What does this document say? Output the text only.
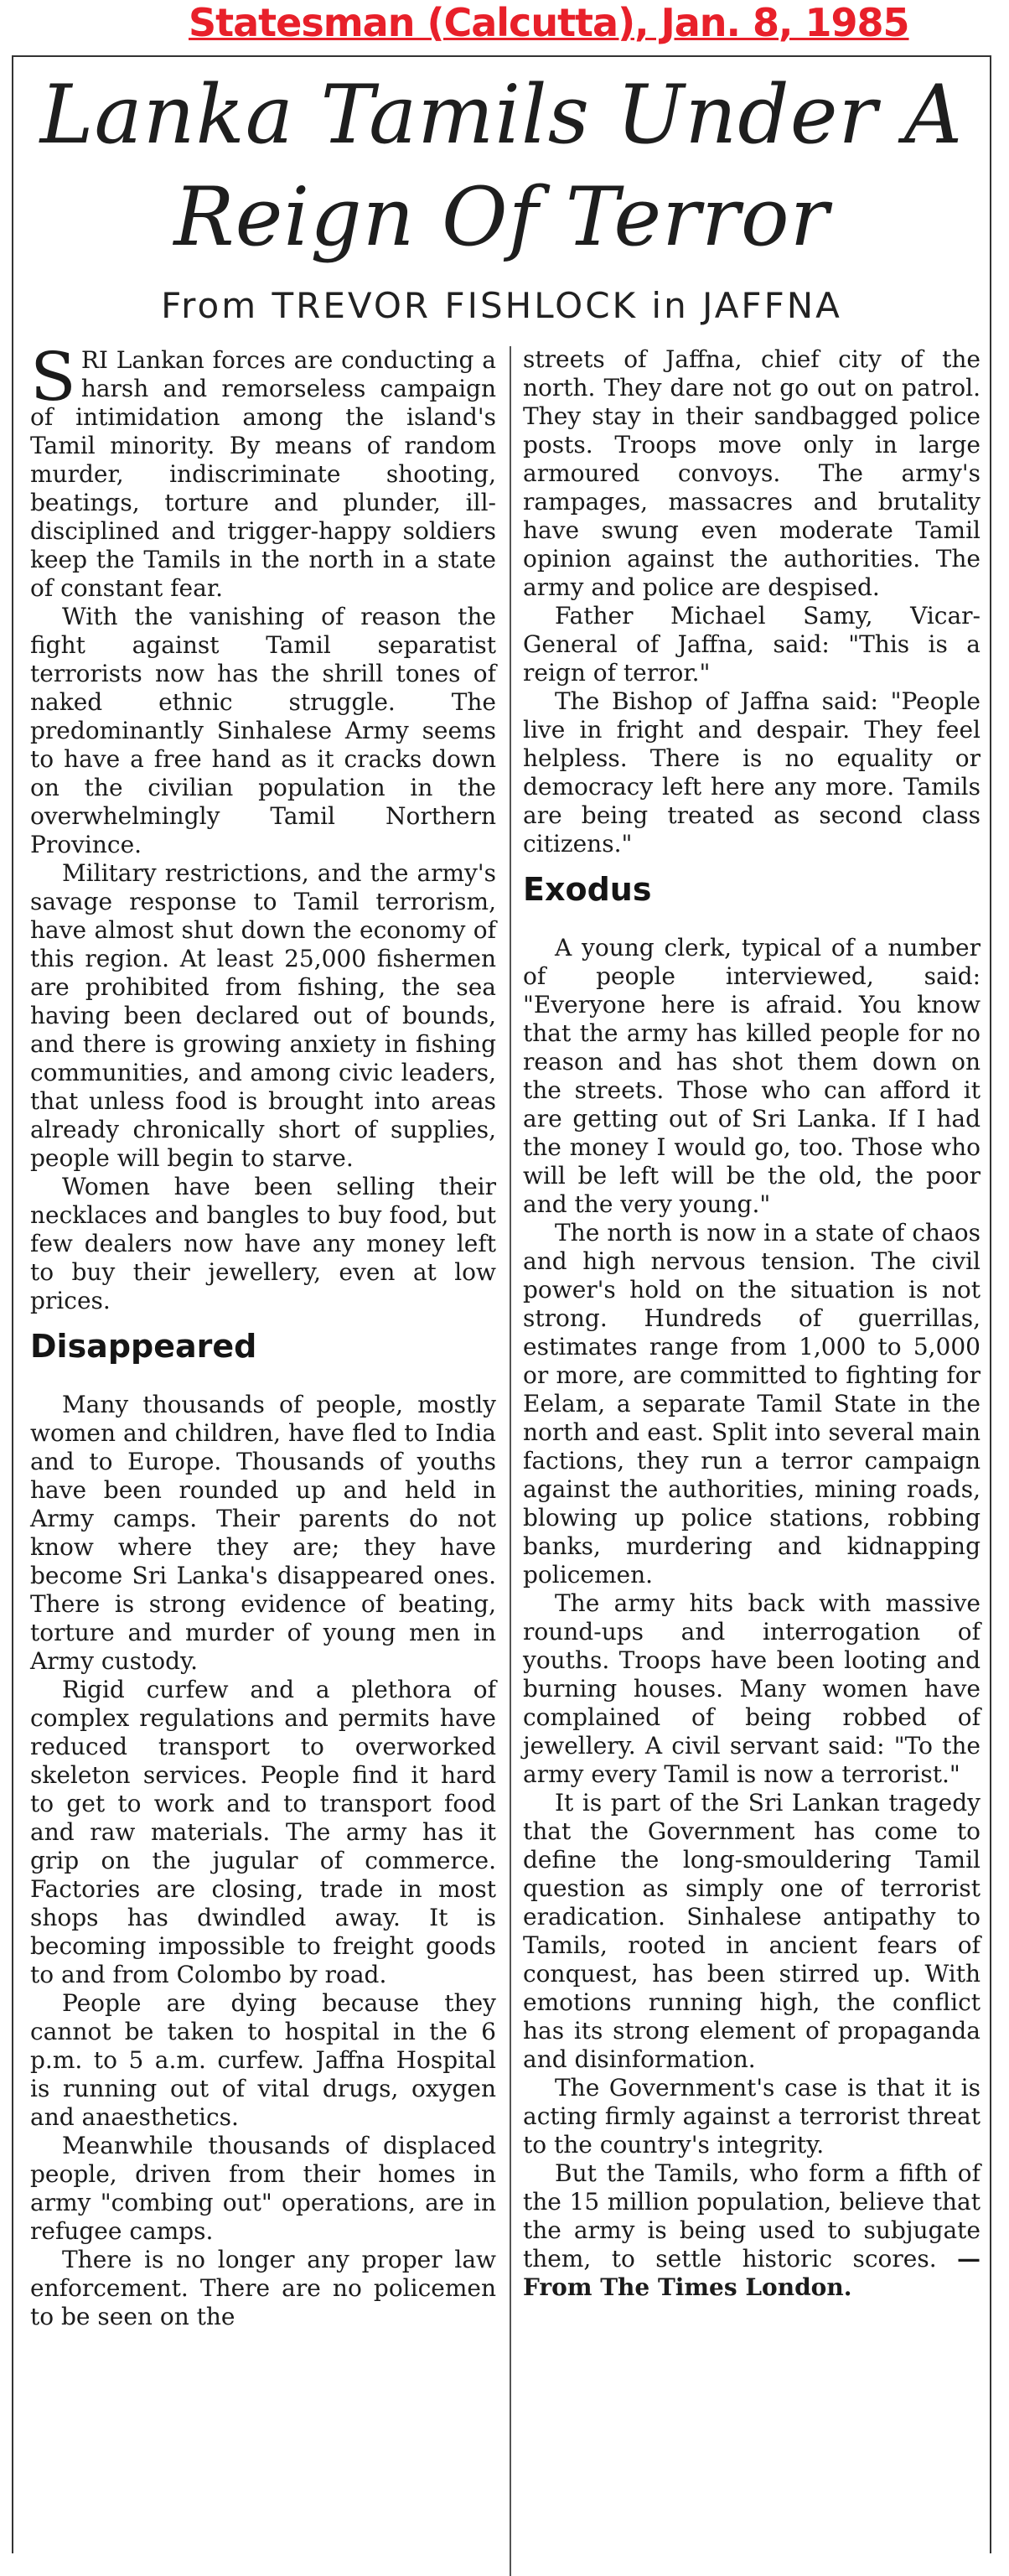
Statesman (Calcutta), Jan. 8, 1985
Lanka Tamils Under A
Reign Of Terror
From TREVOR FISHLOCK in JAFFNA

SRI Lankan forces are conducting a harsh and remorseless campaign of intimidation among the island's Tamil minority. By means of random murder, indiscriminate shooting, beatings, torture and plunder, ill-disciplined and trigger-happy soldiers keep the Tamils in the north in a state of constant fear.

With the vanishing of reason the fight against Tamil separatist terrorists now has the shrill tones of naked ethnic struggle. The predominantly Sinhalese Army seems to have a free hand as it cracks down on the civilian population in the overwhelmingly Tamil Northern Province.

Military restrictions, and the army's savage response to Tamil terrorism, have almost shut down the economy of this region. At least 25,000 fishermen are prohibited from fishing, the sea having been declared out of bounds, and there is growing anxiety in fishing communities, and among civic leaders, that unless food is brought into areas already chronically short of supplies, people will begin to starve.

Women have been selling their necklaces and bangles to buy food, but few dealers now have any money left to buy their jewellery, even at low prices.

Disappeared

Many thousands of people, mostly women and children, have fled to India and to Europe. Thousands of youths have been rounded up and held in Army camps. Their parents do not know where they are; they have become Sri Lanka's disappeared ones. There is strong evidence of beating, torture and murder of young men in Army custody.

Rigid curfew and a plethora of complex regulations and permits have reduced transport to overworked skeleton services. People find it hard to get to work and to transport food and raw materials. The army has it grip on the jugular of commerce. Factories are closing, trade in most shops has dwindled away. It is becoming impossible to freight goods to and from Colombo by road.

People are dying because they cannot be taken to hospital in the 6 p.m. to 5 a.m. curfew. Jaffna Hospital is running out of vital drugs, oxygen and anaesthetics.

Meanwhile thousands of displaced people, driven from their homes in army "combing out" operations, are in refugee camps.

There is no longer any proper law enforcement. There are no policemen to be seen on the

streets of Jaffna, chief city of the north. They dare not go out on patrol. They stay in their sandbagged police posts. Troops move only in large armoured convoys. The army's rampages, massacres and brutality have swung even moderate Tamil opinion against the authorities. The army and police are despised.

Father Michael Samy, Vicar-General of Jaffna, said: "This is a reign of terror."

The Bishop of Jaffna said: "People live in fright and despair. They feel helpless. There is no equality or democracy left here any more. Tamils are being treated as second class citizens."

Exodus

A young clerk, typical of a number of people interviewed, said: "Everyone here is afraid. You know that the army has killed people for no reason and has shot them down on the streets. Those who can afford it are getting out of Sri Lanka. If I had the money I would go, too. Those who will be left will be the old, the poor and the very young."

The north is now in a state of chaos and high nervous tension. The civil power's hold on the situation is not strong. Hundreds of guerrillas, estimates range from 1,000 to 5,000 or more, are committed to fighting for Eelam, a separate Tamil State in the north and east. Split into several main factions, they run a terror campaign against the authorities, mining roads, blowing up police stations, robbing banks, murdering and kidnapping policemen.

The army hits back with massive round-ups and interrogation of youths. Troops have been looting and burning houses. Many women have complained of being robbed of jewellery. A civil servant said: "To the army every Tamil is now a terrorist."

It is part of the Sri Lankan tragedy that the Government has come to define the long-smouldering Tamil question as simply one of terrorist eradication. Sinhalese antipathy to Tamils, rooted in ancient fears of conquest, has been stirred up. With emotions running high, the conflict has its strong element of propaganda and disinformation.

The Government's case is that it is acting firmly against a terrorist threat to the country's integrity.

But the Tamils, who form a fifth of the 15 million population, believe that the army is being used to subjugate them, to settle historic scores. —From The Times London.
